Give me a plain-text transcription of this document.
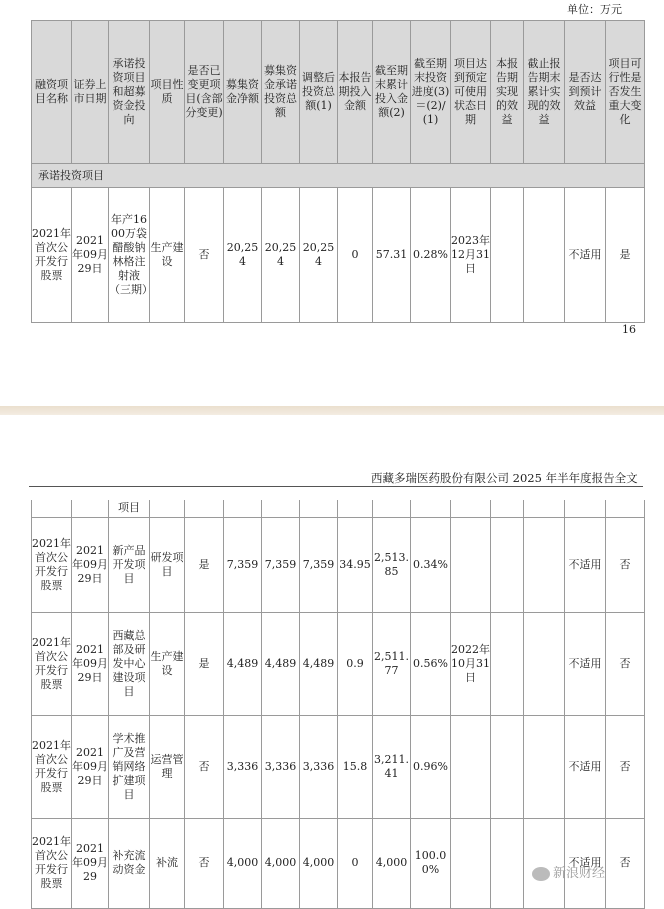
单位：万元
融资项目名称	证券上市日期	承诺投资项目和超募资金投向	项目性质	是否已变更项目(含部分变更)	募集资金净额	募集资金承诺投资总额	调整后投资总额(1)	本报告期投入金额	截至期末累计投入金额(2)	截至期末投资进度(3)＝(2)/(1)	项目达到预定可使用状态日期	本报告期实现的效益	截止报告期末累计实现的效益	是否达到预计效益	项目可行性是否发生重大变化
承诺投资项目															
2021年首次公开发行股票	2021年09月29日	年产1600万袋醋酸钠林格注射液（三期）	生产建设	否	20,254	20,254	20,254	0	57.31	0.28%	2023年12月31日			不适用	是
16
西藏多瑞医药股份有限公司 2025 年半年度报告全文
		项目													
2021年首次公开发行股票	2021年09月29日	新产品开发项目	研发项目	是	7,359	7,359	7,359	34.95	2,513.85	0.34%				不适用	否
2021年首次公开发行股票	2021年09月29日	西藏总部及研发中心建设项目	生产建设	是	4,489	4,489	4,489	0.9	2,511.77	0.56%	2022年10月31日			不适用	否
2021年首次公开发行股票	2021年09月29日	学术推广及营销网络扩建项目	运营管理	否	3,336	3,336	3,336	15.8	3,211.41	0.96%				不适用	否
2021年首次公开发行股票	2021年09月29	补充流动资金	补流	否	4,000	4,000	4,000	0	4,000	100.00%				不适用	否
新浪财经
